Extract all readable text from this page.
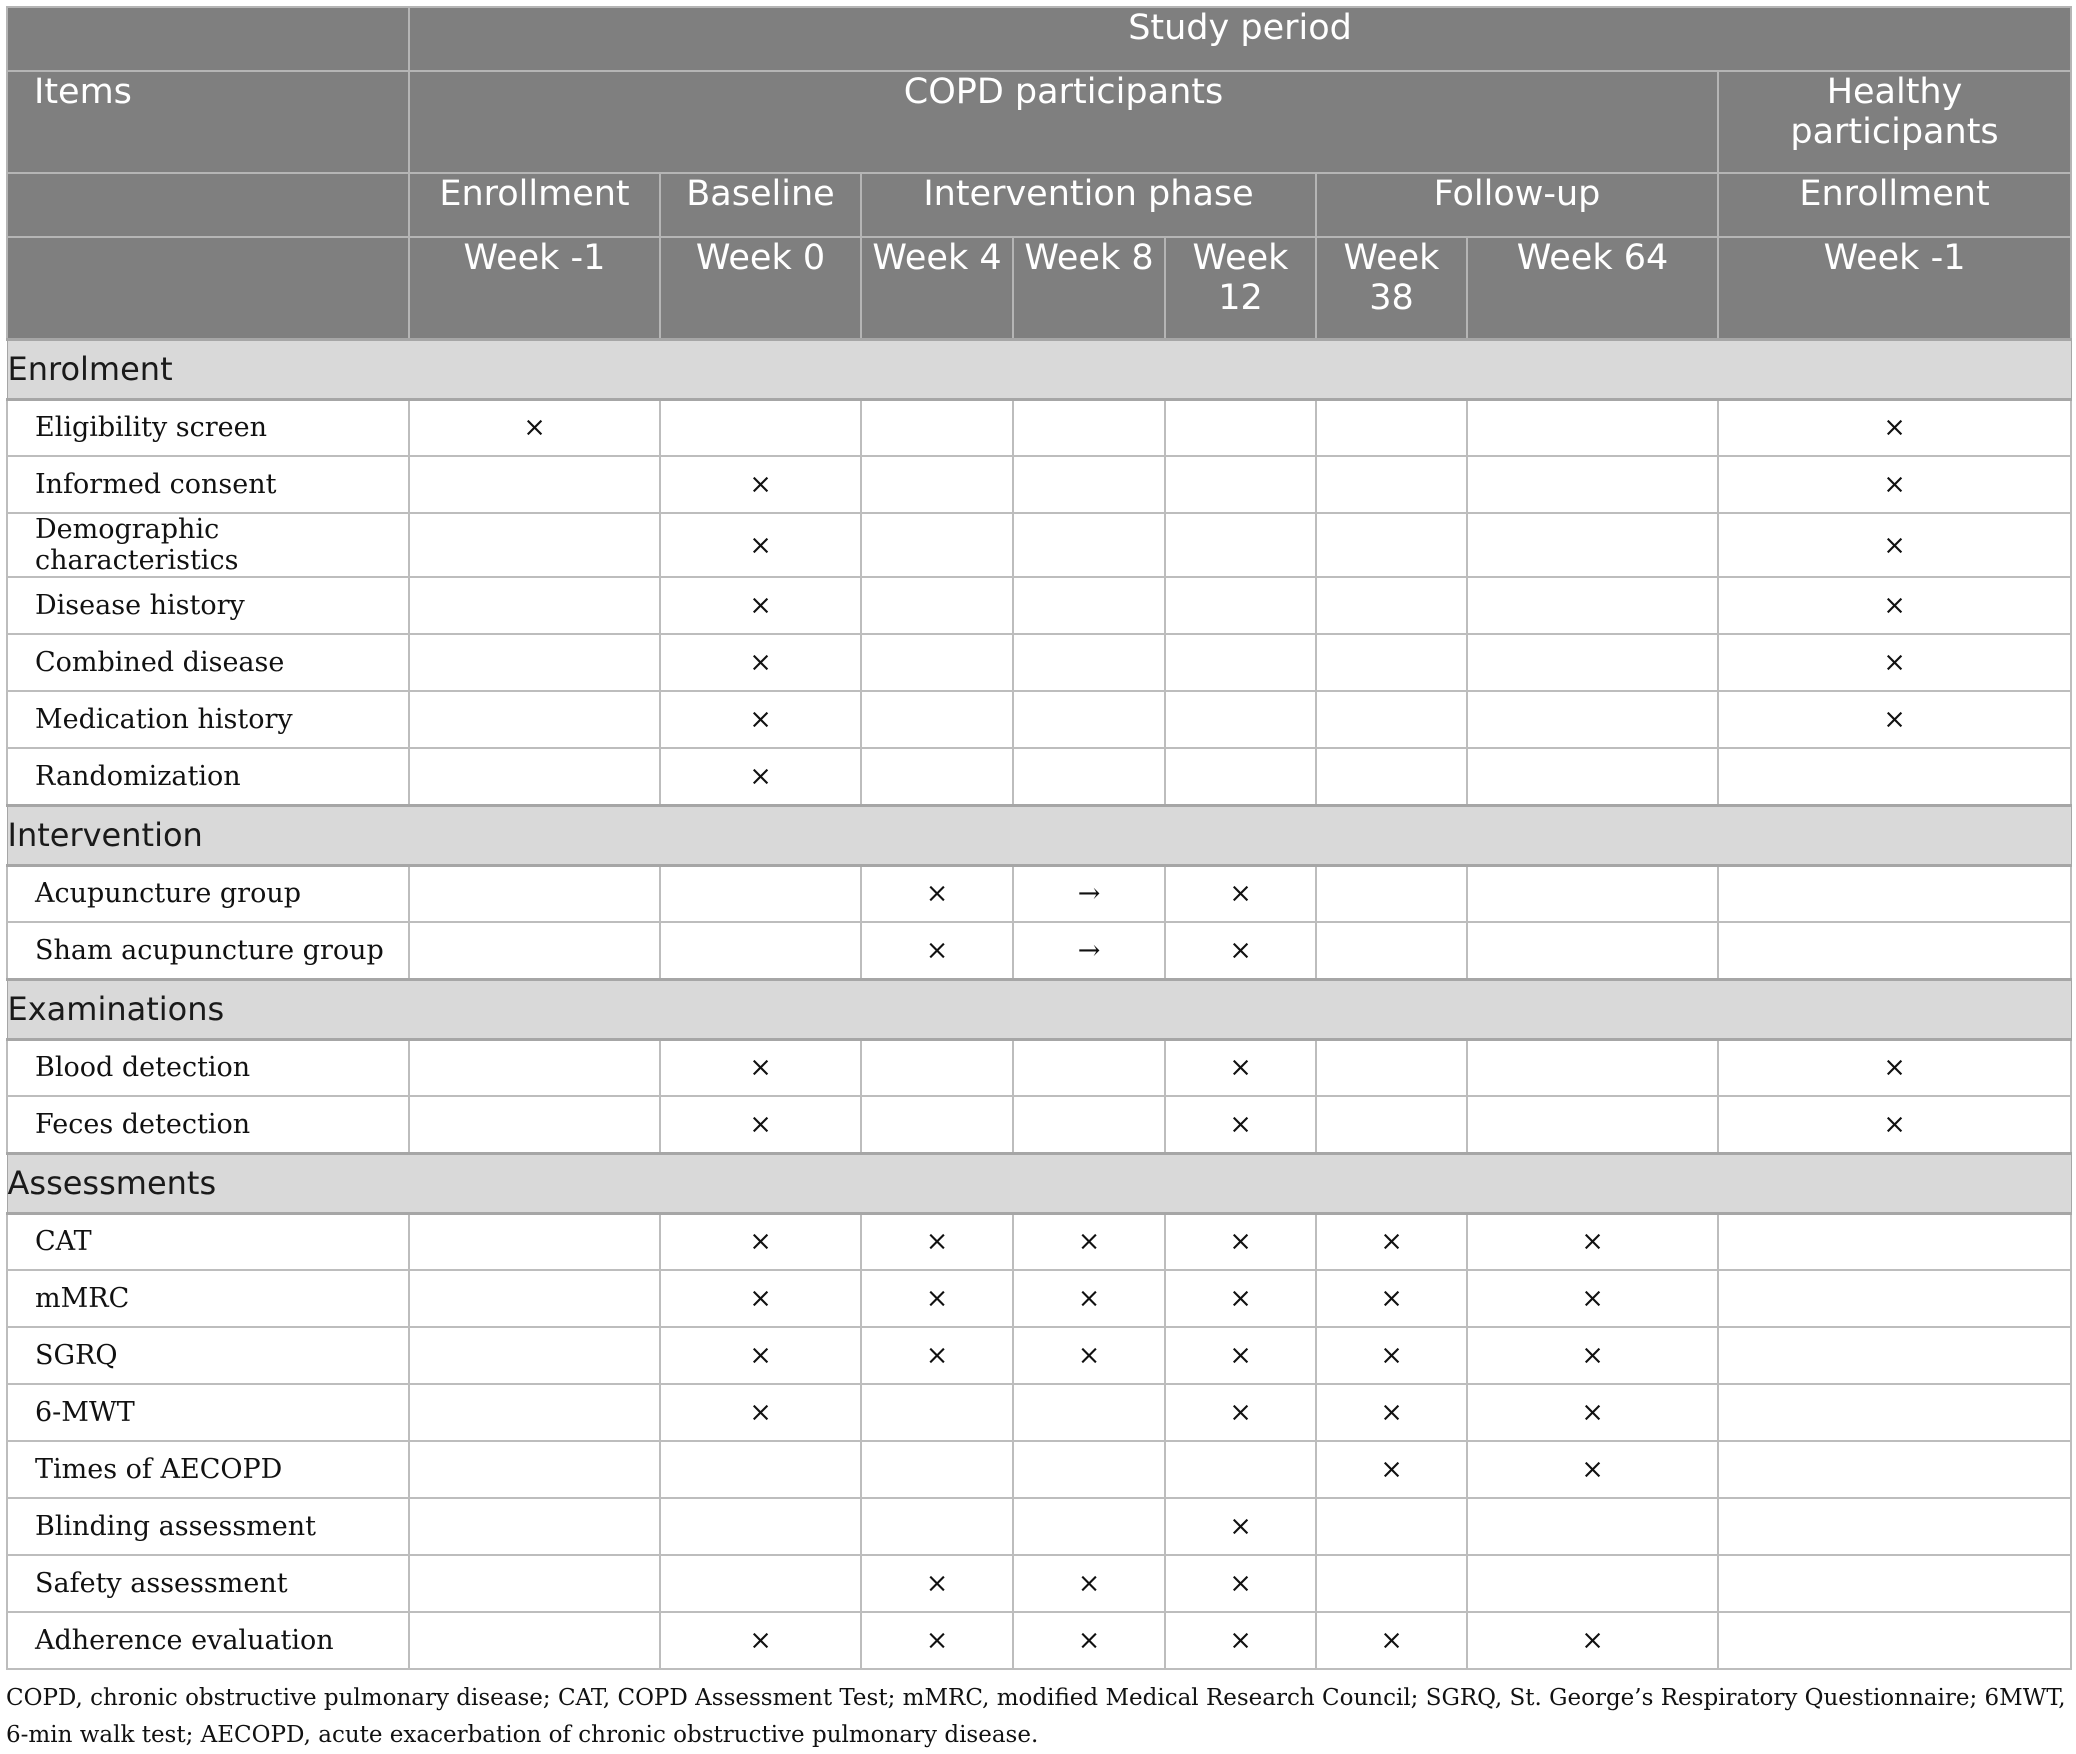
	Study period							
Items	COPD participants							Healthy participants
	Enrollment	Baseline	Intervention phase			Follow-up		Enrollment
	Week -1	Week 0	Week 4	Week 8	Week 12	Week 38	Week 64	Week -1
Enrolment								
Eligibility screen	×							×
Informed consent		×						×
Demographic characteristics		×						×
Disease history		×						×
Combined disease		×						×
Medication history		×						×
Randomization		×						
Intervention								
Acupuncture group			×	→	×			
Sham acupuncture group			×	→	×			
Examinations								
Blood detection		×			×			×
Feces detection		×			×			×
Assessments								
CAT		×	×	×	×	×	×	
mMRC		×	×	×	×	×	×	
SGRQ		×	×	×	×	×	×	
6-MWT		×			×	×	×	
Times of AECOPD						×	×	
Blinding assessment					×			
Safety assessment			×	×	×			
Adherence evaluation		×	×	×	×	×	×	
COPD, chronic obstructive pulmonary disease; CAT, COPD Assessment Test; mMRC, modified Medical Research Council; SGRQ, St. George’s Respiratory Questionnaire; 6MWT, 6-min walk test; AECOPD, acute exacerbation of chronic obstructive pulmonary disease.
